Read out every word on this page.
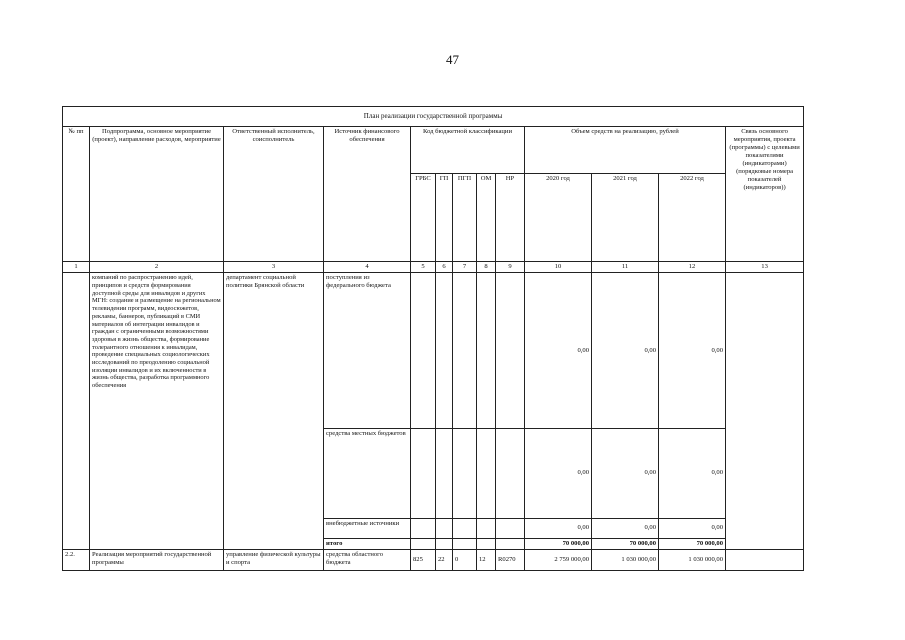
47
План реализации государственной программы												
№ пп	Подпрограмма, основное мероприятие (проект), направление расходов, мероприятие	Ответственный исполнитель, соисполнитель	Источник финансового обеспечения	Код бюджетной классификации					Объем средств на реализацию, рублей			Связь основного мероприятия, проекта (программы) с целевыми показателями (индикаторами) (порядковые номера показателей (индикаторов))
				ГРБС	ГП	ПГП	ОМ	НР	2020 год	2021 год	2022 год	
1	2	3	4	5	6	7	8	9	10	11	12	13
	компаний по распространению идей, принципов и средств формирования доступной среды для инвалидов и других МГН: создание и размещение на региональном телевидении программ, видеосюжетов, рекламы, баннеров, публикаций в СМИ материалов об интеграции инвалидов и граждан с ограниченными возможностями здоровья в жизнь общества, формирование толерантного отношения к инвалидам, проведение специальных социологических исследований по преодолению социальной изоляции инвалидов и их включенности в жизнь общества, разработка программного обеспечения	департамент социальной политики Брянской области	поступления из федерального бюджета						0,00	0,00	0,00	
			средства местных бюджетов						0,00	0,00	0,00	
			внебюджетные источники						0,00	0,00	0,00	
			итого						70 000,00	70 000,00	70 000,00	
2.2.	Реализация мероприятий государственной программы	управление физической культуры и спорта	средства областного бюджета	825	22	0	12	R0270	2 759 000,00	1 030 000,00	1 030 000,00	
